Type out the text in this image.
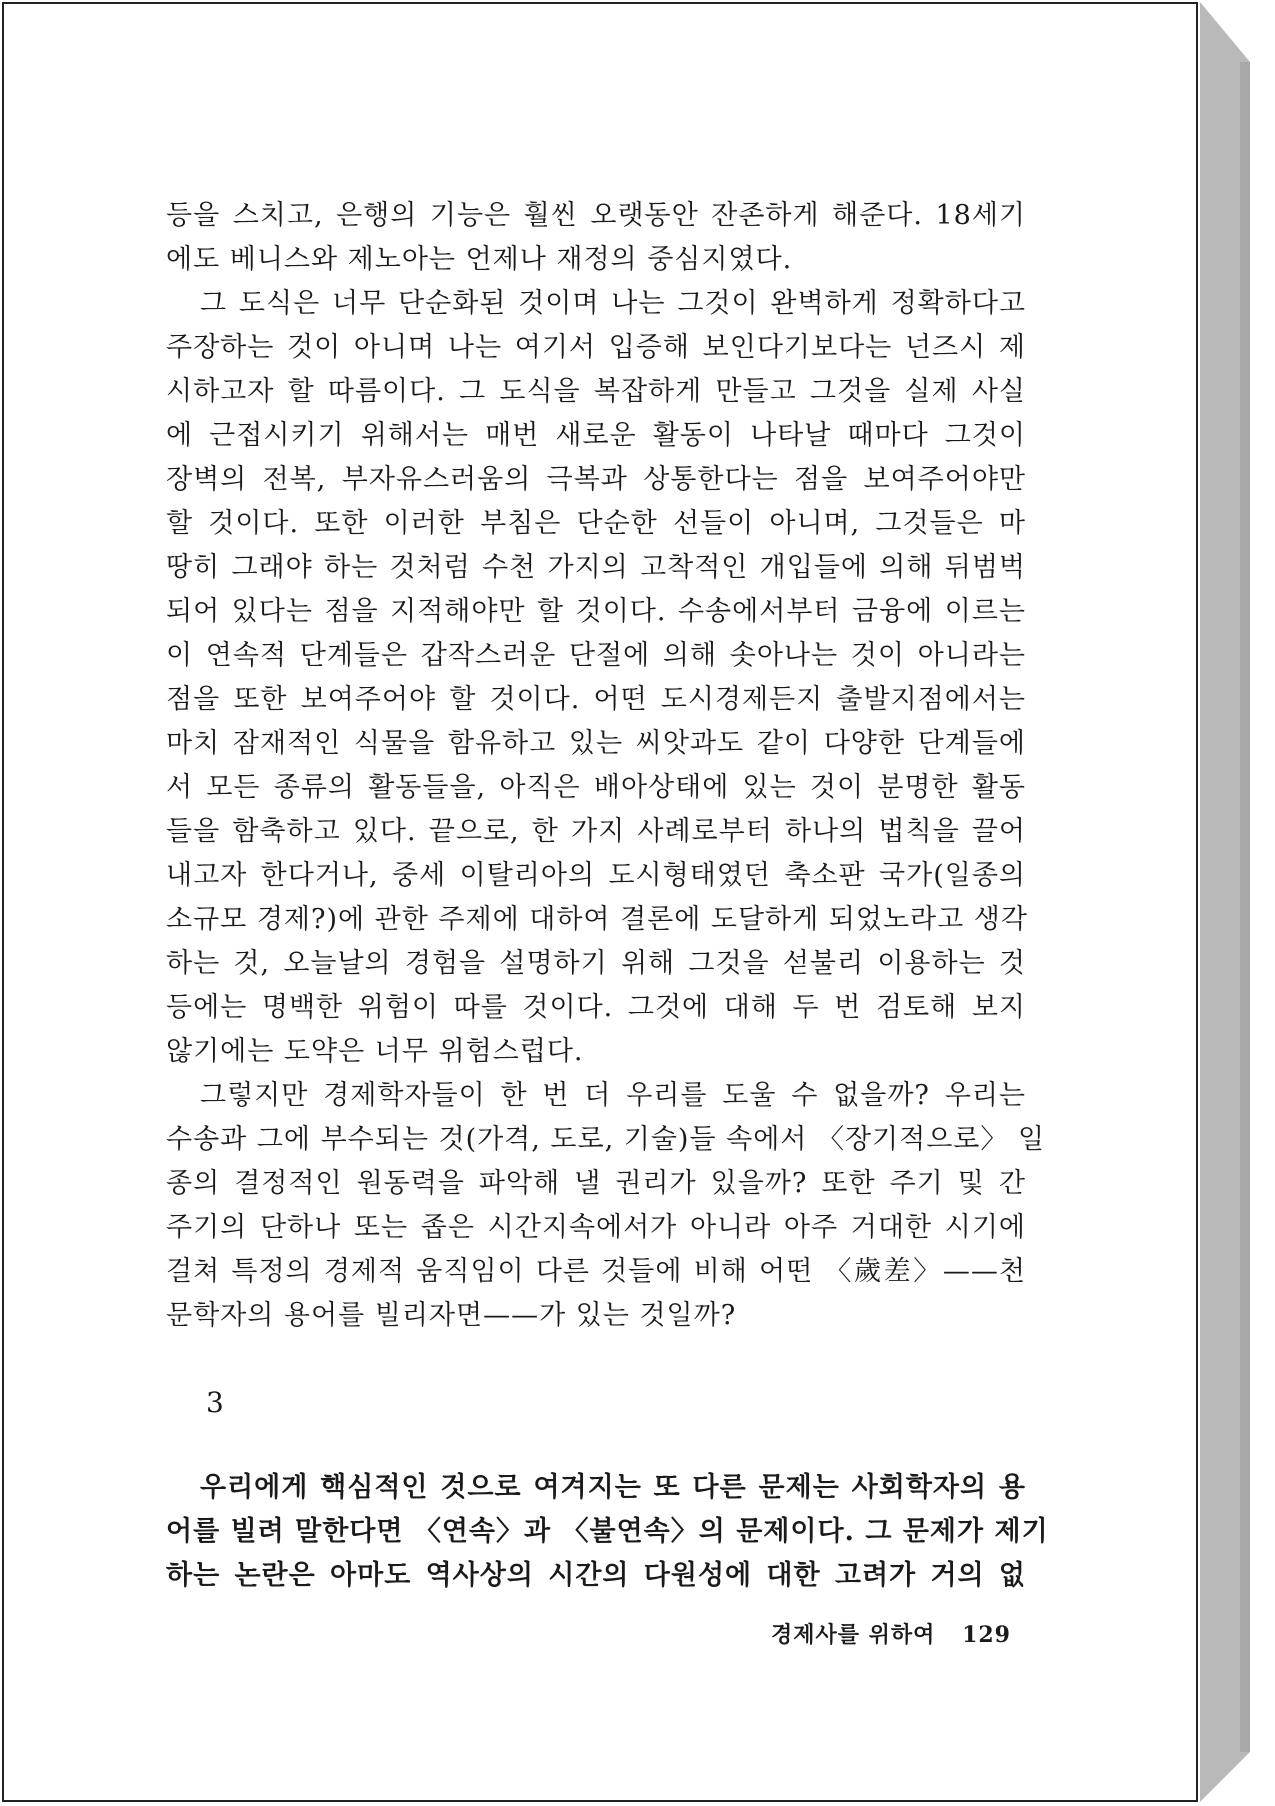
등을 스치고, 은행의 기능은 훨씬 오랫동안 잔존하게 해준다. 18세기
에도 베니스와 제노아는 언제나 재정의 중심지였다.
그 도식은 너무 단순화된 것이며 나는 그것이 완벽하게 정확하다고
주장하는 것이 아니며 나는 여기서 입증해 보인다기보다는 넌즈시 제
시하고자 할 따름이다. 그 도식을 복잡하게 만들고 그것을 실제 사실
에 근접시키기 위해서는 매번 새로운 활동이 나타날 때마다 그것이
장벽의 전복, 부자유스러움의 극복과 상통한다는 점을 보여주어야만
할 것이다. 또한 이러한 부침은 단순한 선들이 아니며, 그것들은 마
땅히 그래야 하는 것처럼 수천 가지의 고착적인 개입들에 의해 뒤범벅
되어 있다는 점을 지적해야만 할 것이다. 수송에서부터 금융에 이르는
이 연속적 단계들은 갑작스러운 단절에 의해 솟아나는 것이 아니라는
점을 또한 보여주어야 할 것이다. 어떤 도시경제든지 출발지점에서는
마치 잠재적인 식물을 함유하고 있는 씨앗과도 같이 다양한 단계들에
서 모든 종류의 활동들을, 아직은 배아상태에 있는 것이 분명한 활동
들을 함축하고 있다. 끝으로, 한 가지 사례로부터 하나의 법칙을 끌어
내고자 한다거나, 중세 이탈리아의 도시형태였던 축소판 국가(일종의
소규모 경제?)에 관한 주제에 대하여 결론에 도달하게 되었노라고 생각
하는 것, 오늘날의 경험을 설명하기 위해 그것을 섣불리 이용하는 것
등에는 명백한 위험이 따를 것이다. 그것에 대해 두 번 검토해 보지
않기에는 도약은 너무 위험스럽다.
그렇지만 경제학자들이 한 번 더 우리를 도울 수 없을까? 우리는
수송과 그에 부수되는 것(가격, 도로, 기술)들 속에서 〈장기적으로〉 일
종의 결정적인 원동력을 파악해 낼 권리가 있을까? 또한 주기 및 간
주기의 단하나 또는 좁은 시간지속에서가 아니라 아주 거대한 시기에
걸쳐 특정의 경제적 움직임이 다른 것들에 비해 어떤 〈歲差〉——천
문학자의 용어를 빌리자면——가 있는 것일까?
3
우리에게 핵심적인 것으로 여겨지는 또 다른 문제는 사회학자의 용
어를 빌려 말한다면 〈연속〉과 〈불연속〉의 문제이다. 그 문제가 제기
하는 논란은 아마도 역사상의 시간의 다원성에 대한 고려가 거의 없
경제사를 위하여 129
